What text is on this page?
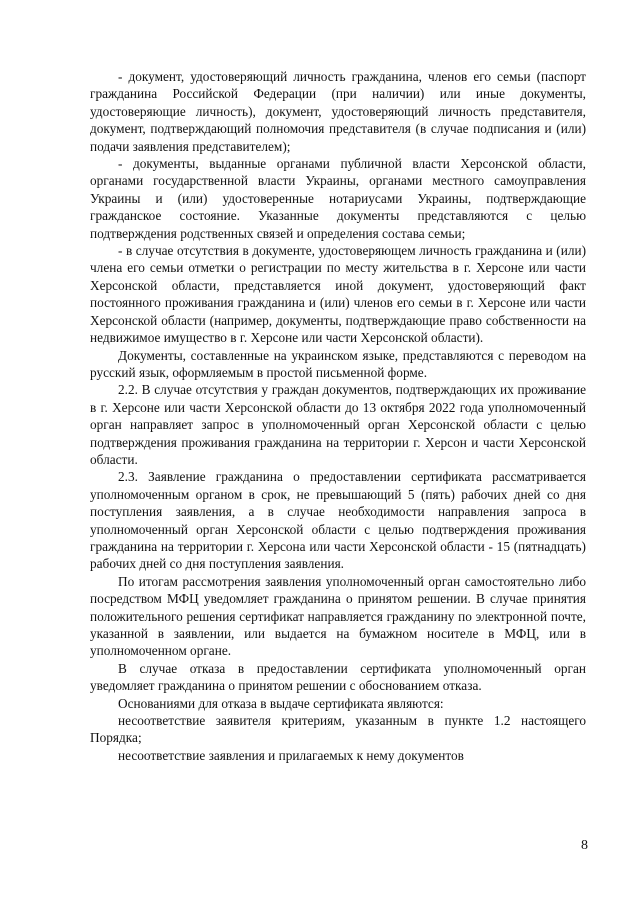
- документ, удостоверяющий личность гражданина, членов его семьи (паспорт гражданина Российской Федерации (при наличии) или иные документы, удостоверяющие личность), документ, удостоверяющий личность представителя, документ, подтверждающий полномочия представителя (в случае подписания и (или) подачи заявления представителем);

- документы, выданные органами публичной власти Херсонской области, органами государственной власти Украины, органами местного самоуправления Украины и (или) удостоверенные нотариусами Украины, подтверждающие гражданское состояние. Указанные документы представляются с целью подтверждения родственных связей и определения состава семьи;

- в случае отсутствия в документе, удостоверяющем личность гражданина и (или) члена его семьи отметки о регистрации по месту жительства в г. Херсоне или части Херсонской области, представляется иной документ, удостоверяющий факт постоянного проживания гражданина и (или) членов его семьи в г. Херсоне или части Херсонской области (например, документы, подтверждающие право собственности на недвижимое имущество в г. Херсоне или части Херсонской области).

Документы, составленные на украинском языке, представляются с переводом на русский язык, оформляемым в простой письменной форме.

2.2. В случае отсутствия у граждан документов, подтверждающих их проживание в г. Херсоне или части Херсонской области до 13 октября 2022 года уполномоченный орган направляет запрос в уполномоченный орган Херсонской области с целью подтверждения проживания гражданина на территории г. Херсон и части Херсонской области.

2.3. Заявление гражданина о предоставлении сертификата рассматривается уполномоченным органом в срок, не превышающий 5 (пять) рабочих дней со дня поступления заявления, а в случае необходимости направления запроса в уполномоченный орган Херсонской области с целью подтверждения проживания гражданина на территории г. Херсона или части Херсонской области - 15 (пятнадцать) рабочих дней со дня поступления заявления.

По итогам рассмотрения заявления уполномоченный орган самостоятельно либо посредством МФЦ уведомляет гражданина о принятом решении. В случае принятия положительного решения сертификат направляется гражданину по электронной почте, указанной в заявлении, или выдается на бумажном носителе в МФЦ, или в уполномоченном органе.

В случае отказа в предоставлении сертификата уполномоченный орган уведомляет гражданина о принятом решении с обоснованием отказа.

Основаниями для отказа в выдаче сертификата являются:

несоответствие заявителя критериям, указанным в пункте 1.2 настоящего Порядка;

несоответствие заявления и прилагаемых к нему документов

8
